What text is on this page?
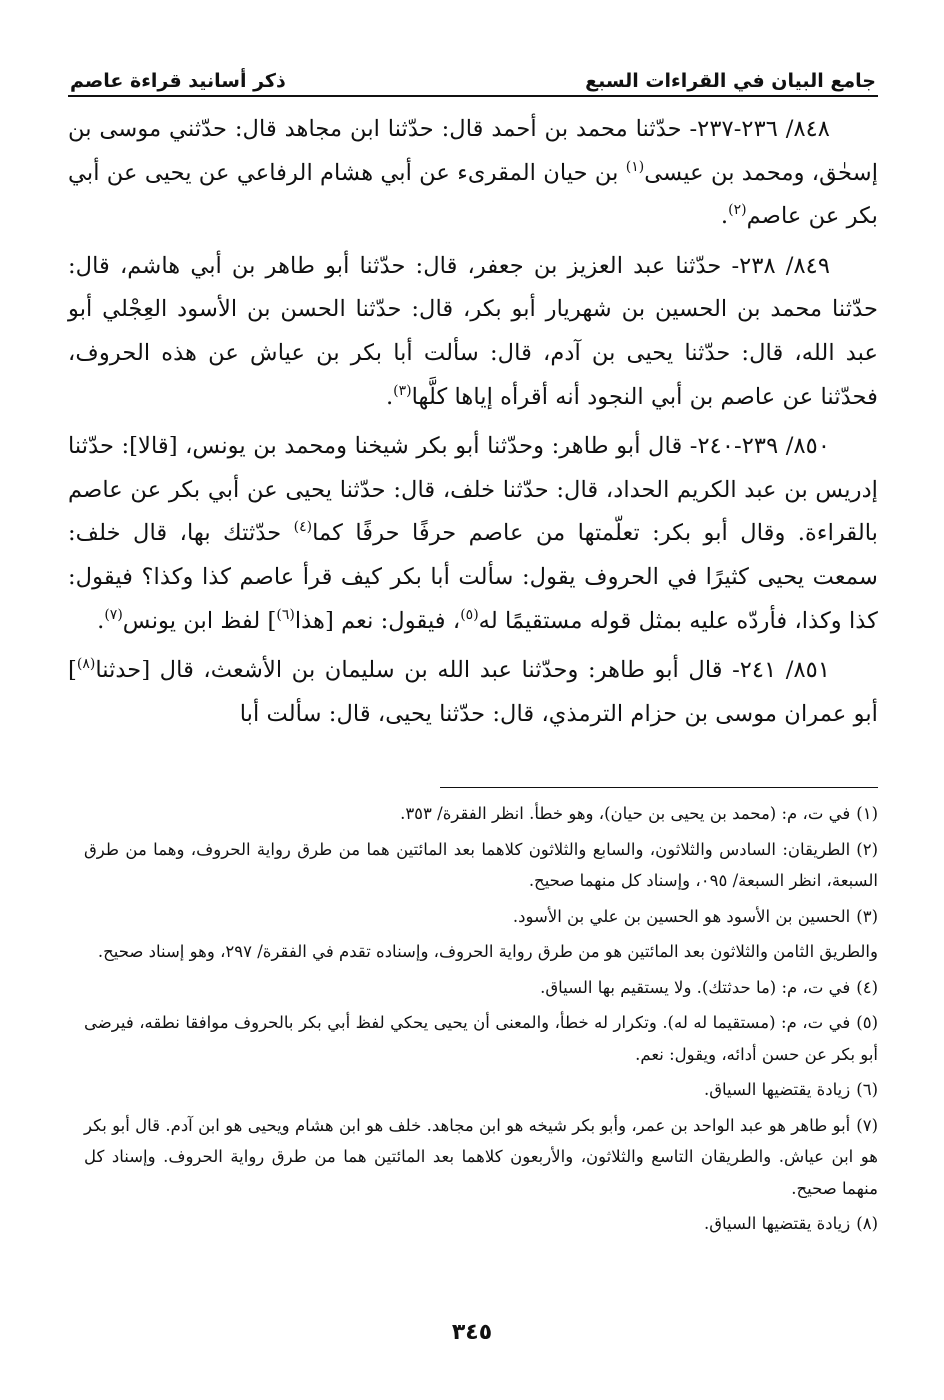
جامع البيان في القراءات السبع
ذكر أسانيد قراءة عاصم

٨٤٨/ ٢٣٦-٢٣٧- حدّثنا محمد بن أحمد قال: حدّثنا ابن مجاهد قال: حدّثني موسى بن إسحٰق، ومحمد بن عيسى$^{(١)}$ بن حيان المقرىء عن أبي هشام الرفاعي عن يحيى عن أبي بكر عن عاصم$^{(٢)}$.

٨٤٩/ ٢٣٨- حدّثنا عبد العزيز بن جعفر، قال: حدّثنا أبو طاهر بن أبي هاشم، قال: حدّثنا محمد بن الحسين بن شهريار أبو بكر، قال: حدّثنا الحسن بن الأسود العِجْلي أبو عبد الله، قال: حدّثنا يحيى بن آدم، قال: سألت أبا بكر بن عياش عن هذه الحروف، فحدّثنا عن عاصم بن أبي النجود أنه أقرأه إياها كلَّها$^{(٣)}$.

٨٥٠/ ٢٣٩-٢٤٠- قال أبو طاهر: وحدّثنا أبو بكر شيخنا ومحمد بن يونس، [قالا]: حدّثنا إدريس بن عبد الكريم الحداد، قال: حدّثنا خلف، قال: حدّثنا يحيى عن أبي بكر عن عاصم بالقراءة. وقال أبو بكر: تعلّمتها من عاصم حرفًا حرفًا كما$^{(٤)}$ حدّثتك بها، قال خلف: سمعت يحيى كثيرًا في الحروف يقول: سألت أبا بكر كيف قرأ عاصم كذا وكذا؟ فيقول: كذا وكذا، فأردّه عليه بمثل قوله مستقيمًا له$^{(٥)}$، فيقول: نعم [هذا$^{(٦)}$] لفظ ابن يونس$^{(٧)}$.

٨٥١/ ٢٤١- قال أبو طاهر: وحدّثنا عبد الله بن سليمان بن الأشعث، قال [حدثنا$^{(٨)}$] أبو عمران موسى بن حزام الترمذي، قال: حدّثنا يحيى، قال: سألت أبا

(١)في ت، م: (محمد بن يحيى بن حيان)، وهو خطأ. انظر الفقرة/ ٣٥٣.

(٢)الطريقان: السادس والثلاثون، والسابع والثلاثون كلاهما بعد المائتين هما من طرق رواية الحروف، وهما من طرق السبعة، انظر السبعة/ ٠٩٥، وإسناد كل منهما صحيح.

(٣)الحسين بن الأسود هو الحسين بن علي بن الأسود.

والطريق الثامن والثلاثون بعد المائتين هو من طرق رواية الحروف، وإسناده تقدم في الفقرة/ ٢٩٧، وهو إسناد صحيح.

(٤)في ت، م: (ما حدثتك). ولا يستقيم بها السياق.

(٥)في ت، م: (مستقيما له له). وتكرار له خطأ، والمعنى أن يحيى يحكي لفظ أبي بكر بالحروف موافقا نطقه، فيرضى أبو بكر عن حسن أدائه، ويقول: نعم.

(٦)زيادة يقتضيها السياق.

(٧)أبو طاهر هو عبد الواحد بن عمر، وأبو بكر شيخه هو ابن مجاهد. خلف هو ابن هشام ويحيى هو ابن آدم. قال أبو بكر هو ابن عياش. والطريقان التاسع والثلاثون، والأربعون كلاهما بعد المائتين هما من طرق رواية الحروف. وإسناد كل منهما صحيح.

(٨)زيادة يقتضيها السياق.

٣٤٥
